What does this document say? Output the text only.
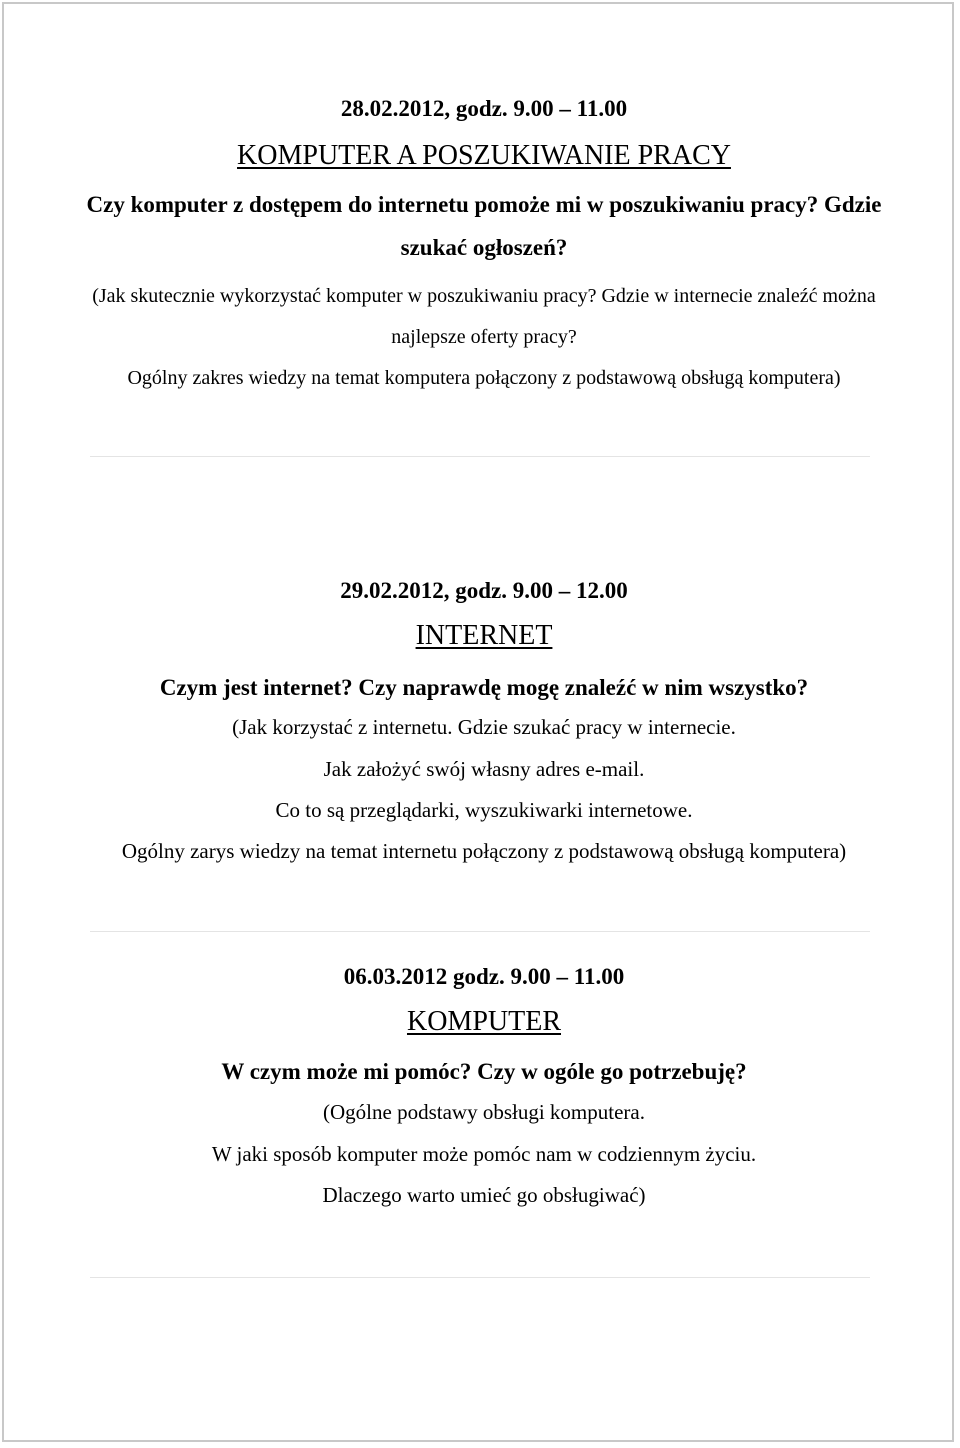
28.02.2012, godz. 9.00 – 11.00
KOMPUTER A POSZUKIWANIE PRACY
Czy komputer z dostępem do internetu pomoże mi w poszukiwaniu pracy? Gdzie
szukać ogłoszeń?
(Jak skutecznie wykorzystać komputer w poszukiwaniu pracy? Gdzie w internecie znaleźć można
najlepsze oferty pracy?
Ogólny zakres wiedzy na temat komputera połączony z podstawową obsługą komputera)
29.02.2012, godz. 9.00 – 12.00
INTERNET
Czym jest internet? Czy naprawdę mogę znaleźć w nim wszystko?
(Jak korzystać z internetu. Gdzie szukać pracy w internecie.
Jak założyć swój własny adres e-mail.
Co to są przeglądarki, wyszukiwarki internetowe.
Ogólny zarys wiedzy na temat internetu połączony z podstawową obsługą komputera)
06.03.2012 godz. 9.00 – 11.00
KOMPUTER
W czym może mi pomóc? Czy w ogóle go potrzebuję?
(Ogólne podstawy obsługi komputera.
W jaki sposób komputer może pomóc nam w codziennym życiu.
Dlaczego warto umieć go obsługiwać)
